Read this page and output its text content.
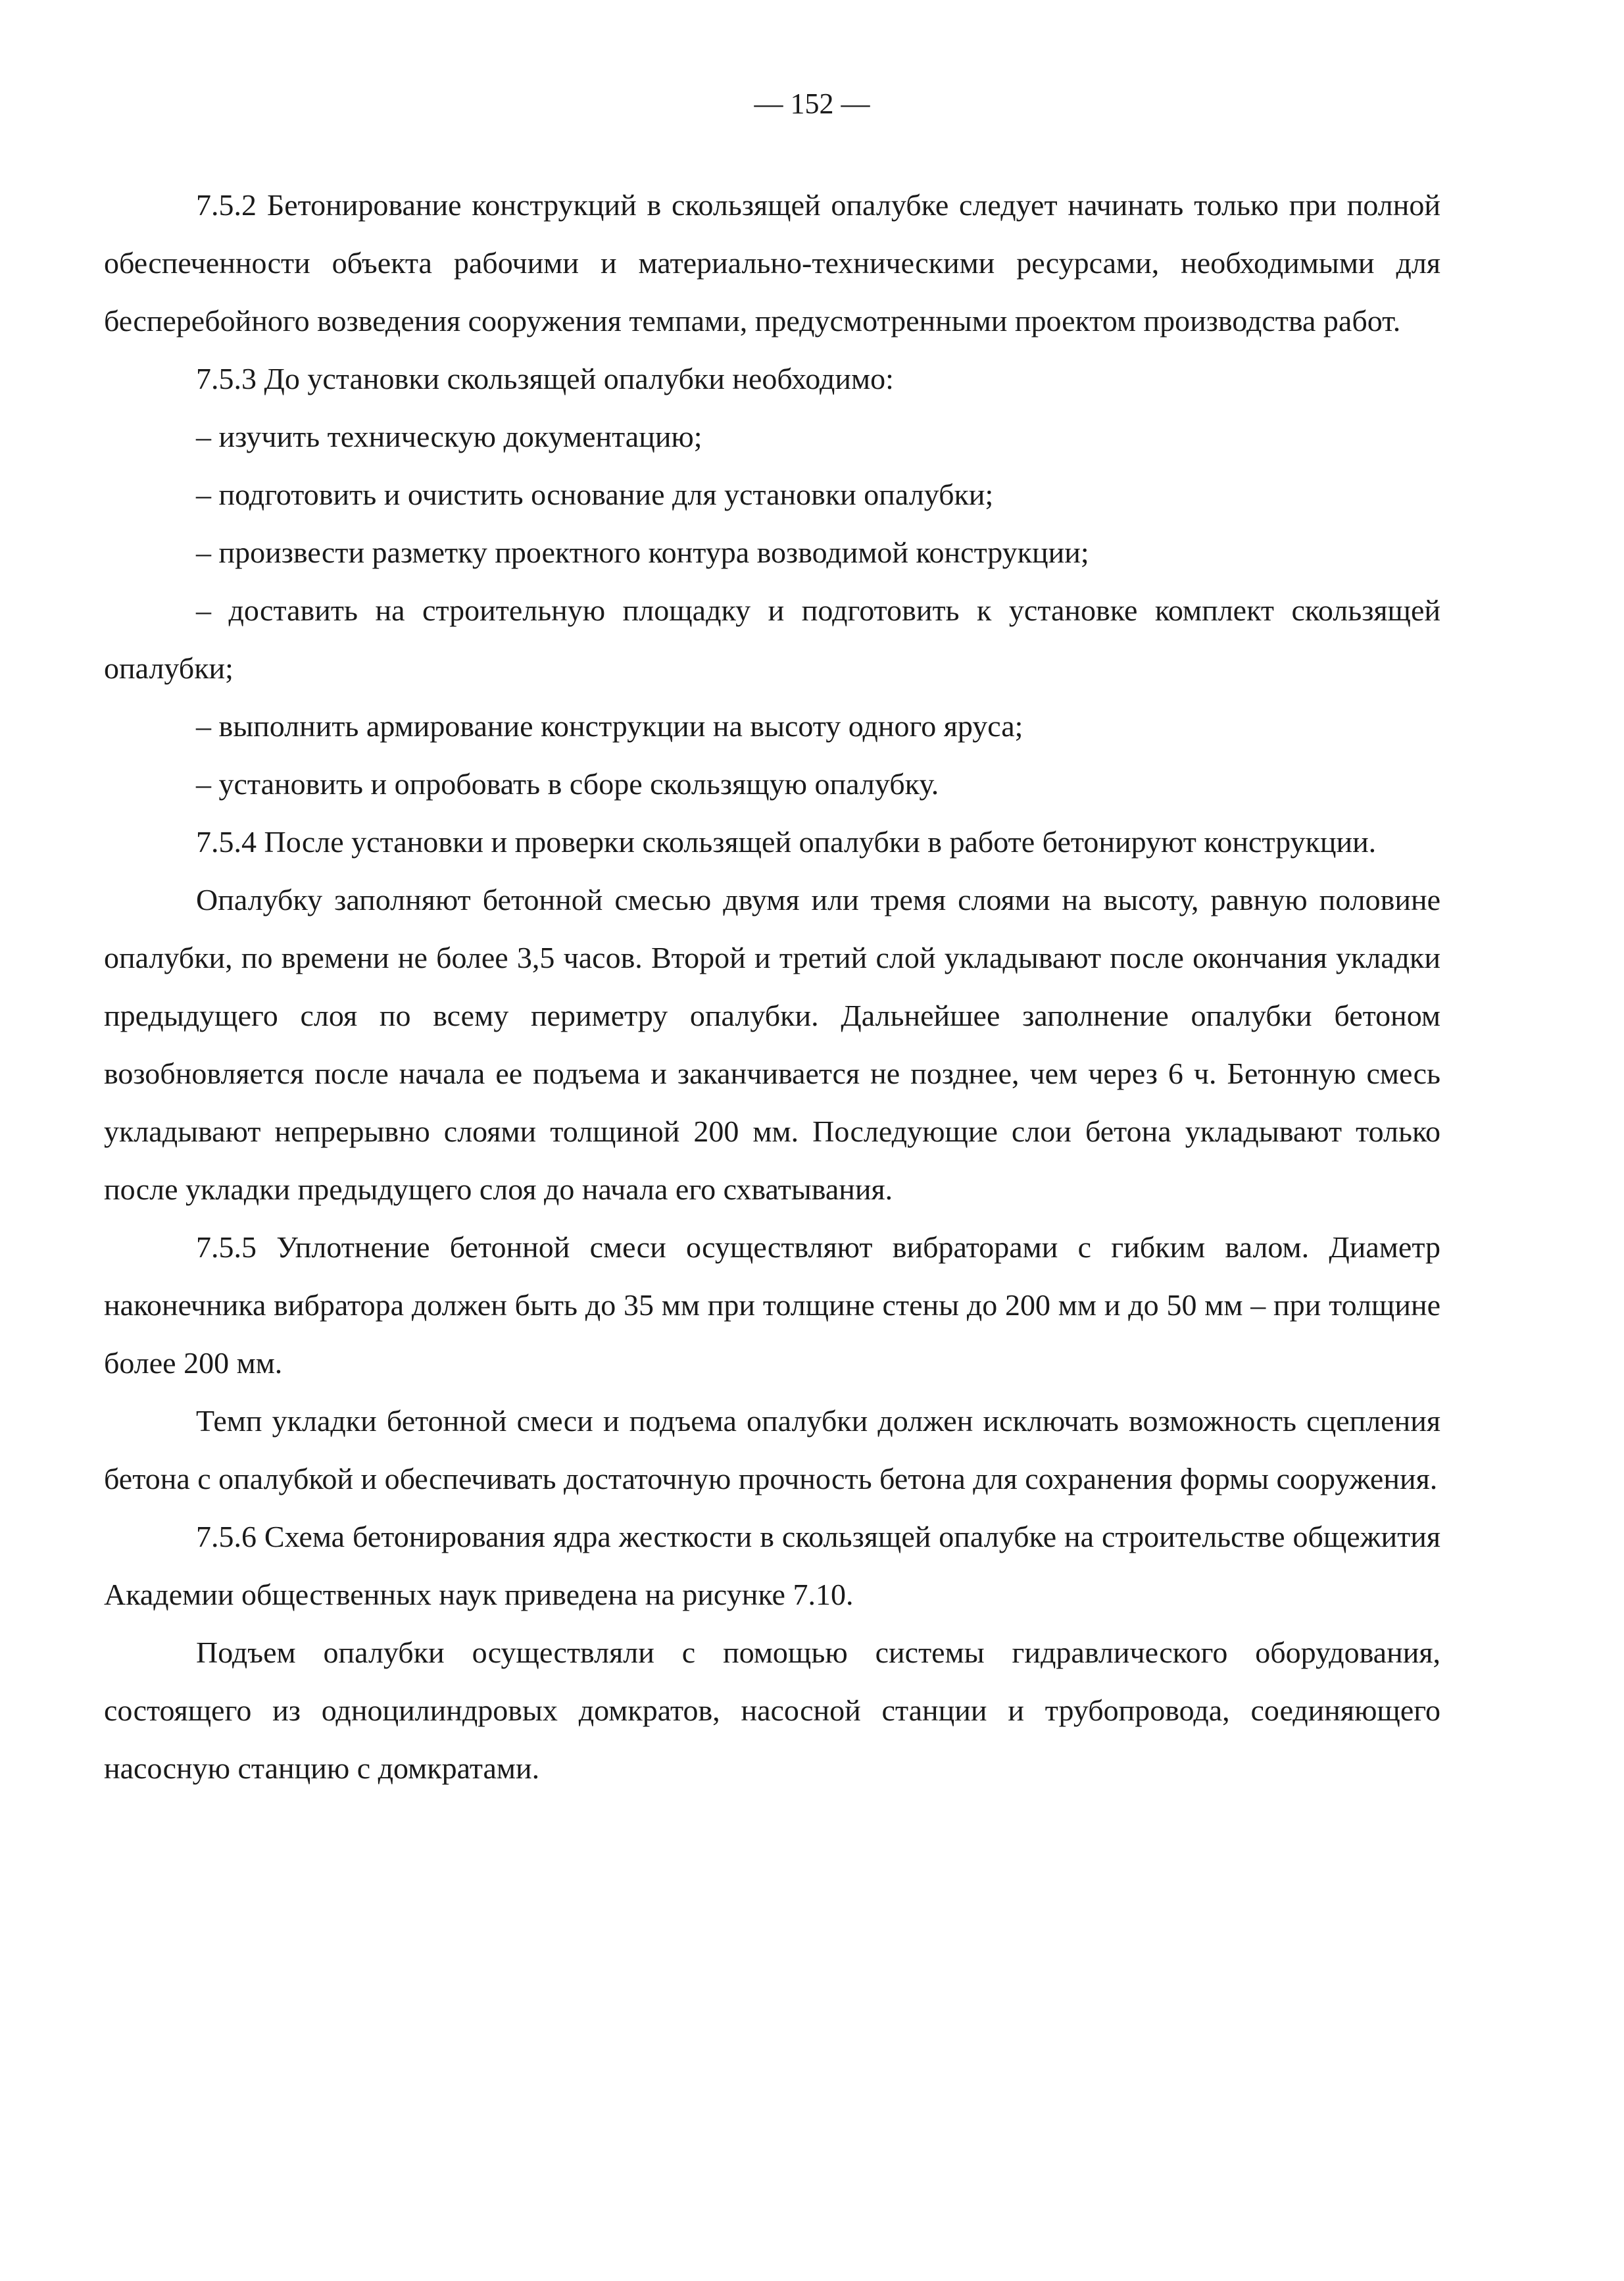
— 152 —

7.5.2 Бетонирование конструкций в скользящей опалубке следует начинать только при полной обеспеченности объекта рабочими и материально-техническими ресурсами, необходимыми для бесперебойного возведения сооружения темпами, предусмотренными проектом производства работ.

7.5.3 До установки скользящей опалубки необходимо:

– изучить техническую документацию;

– подготовить и очистить основание для установки опалубки;

– произвести разметку проектного контура возводимой конструкции;

– доставить на строительную площадку и подготовить к установке комплект скользящей опалубки;

– выполнить армирование конструкции на высоту одного яруса;

– установить и опробовать в сборе скользящую опалубку.

7.5.4 После установки и проверки скользящей опалубки в работе бетонируют конструкции.

Опалубку заполняют бетонной смесью двумя или тремя слоями на высоту, равную половине опалубки, по времени не более 3,5 часов. Второй и третий слой укладывают после окончания укладки предыдущего слоя по всему периметру опалубки. Дальнейшее заполнение опалубки бетоном возобновляется после начала ее подъема и заканчивается не позднее, чем через 6 ч. Бетонную смесь укладывают непрерывно слоями толщиной 200 мм. Последующие слои бетона укладывают только после укладки предыдущего слоя до начала его схватывания.

7.5.5 Уплотнение бетонной смеси осуществляют вибраторами с гибким валом. Диаметр наконечника вибратора должен быть до 35 мм при толщине стены до 200 мм и до 50 мм – при толщине более 200 мм.

Темп укладки бетонной смеси и подъема опалубки должен исключать возможность сцепления бетона с опалубкой и обеспечивать достаточную прочность бетона для сохранения формы сооружения.

7.5.6 Схема бетонирования ядра жесткости в скользящей опалубке на строительстве общежития Академии общественных наук приведена на рисунке 7.10.

Подъем опалубки осуществляли с помощью системы гидравлического оборудования, состоящего из одноцилиндровых домкратов, насосной станции и трубопровода, соединяющего насосную станцию с домкратами.
